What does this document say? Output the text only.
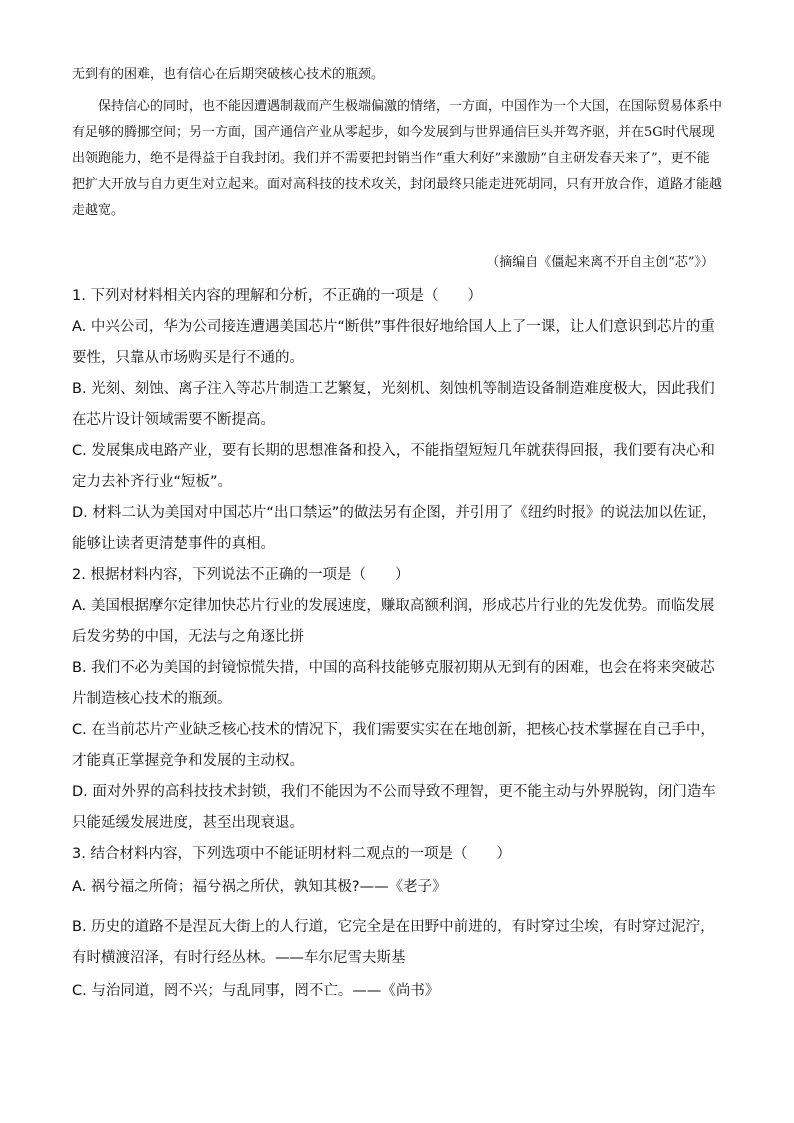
无到有的困难，也有信心在后期突破核心技术的瓶颈。

保持信心的同时，也不能因遭遇制裁而产生极端偏激的情绪，一方面，中国作为一个大国，在国际贸易体系中有足够的腾挪空间；另一方面，国产通信产业从零起步，如今发展到与世界通信巨头并驾齐驱，并在5G时代展现出领跑能力，绝不是得益于自我封闭。我们并不需要把封销当作“重大利好”来激励“自主研发春天来了”，更不能把扩大开放与自力更生对立起来。面对高科技的技术攻关，封闭最终只能走进死胡同，只有开放合作，道路才能越走越宽。

（摘编自《僵起来离不开自主创“芯”》）

1. 下列对材料相关内容的理解和分析，不正确的一项是（　　）

A. 中兴公司，华为公司接连遭遇美国芯片“断供”事件很好地给国人上了一课，让人们意识到芯片的重要性，只靠从市场购买是行不通的。

B. 光刻、刻蚀、离子注入等芯片制造工艺繁复，光刻机、刻蚀机等制造设备制造难度极大，因此我们在芯片设计领域需要不断提高。

C. 发展集成电路产业，要有长期的思想准备和投入，不能指望短短几年就获得回报，我们要有决心和定力去补齐行业“短板”。

D. 材料二认为美国对中国芯片“出口禁运”的做法另有企图，并引用了《纽约时报》的说法加以佐证，能够让读者更清楚事件的真相。

2. 根据材料内容，下列说法不正确的一项是（　　）

A. 美国根据摩尔定律加快芯片行业的发展速度，赚取高额利润，形成芯片行业的先发优势。而临发展后发劣势的中国，无法与之角逐比拼

B. 我们不必为美国的封镜惊慌失措，中国的高科技能够克服初期从无到有的困难，也会在将来突破芯片制造核心技术的瓶颈。

C. 在当前芯片产业缺乏核心技术的情况下，我们需要实实在在地创新，把核心技术掌握在自己手中，才能真正掌握竞争和发展的主动权。

D. 面对外界的高科技技术封锁，我们不能因为不公而导致不理智，更不能主动与外界脱钩，闭门造车只能延缓发展进度，甚至出现衰退。

3. 结合材料内容，下列选项中不能证明材料二观点的一项是（　　）

A. 祸兮福之所倚；福兮祸之所伏，孰知其极?——《老子》

B. 历史的道路不是涅瓦大街上的人行道，它完全是在田野中前进的，有时穿过尘埃，有时穿过泥泞，有时横渡沼泽，有时行经丛林。——车尔尼雪夫斯基

C. 与治同道，罔不兴；与乱同事，罔不亡。——《尚书》
